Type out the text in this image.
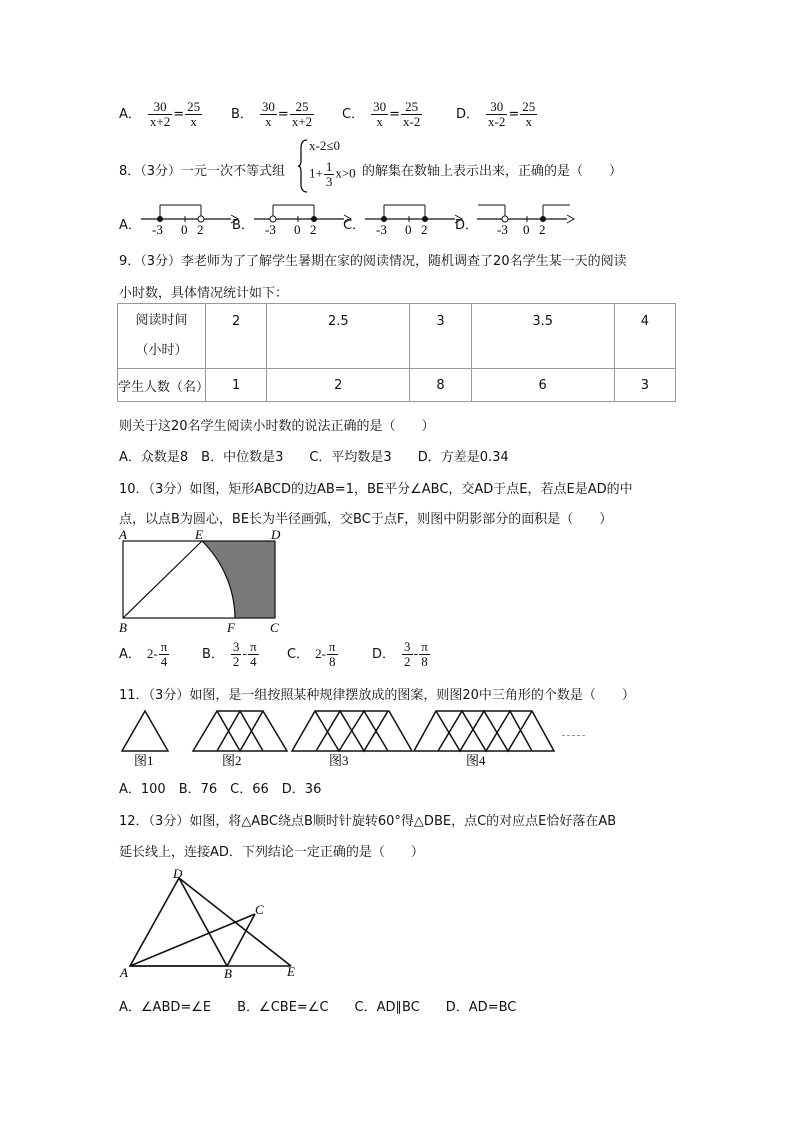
A． $\frac{30}{x+2} = \frac{25}{x}$ B． $\frac{30}{x} = \frac{25}{x+2}$ C． $\frac{30}{x} = \frac{25}{x-2}$	D． $\frac{30}{x-2} = \frac{25}{x}$
8．（3分）一元一次不等式组
x-2≤0
$1+ \frac{1}{3} x>0$ 的解集在数轴上表示出来，正确的是（　　）
A．	B．	C．	D．
-3 0 2	-3 0 2	-3 0 2	-3 0 2
9．（3分）李老师为了了解学生暑期在家的阅读情况，随机调查了20名学生某一天的阅读
小时数，具体情况统计如下：
阅读时间
（小时）	2	2.5	3	3.5	4
学生人数（名）	1	2	8	6	3
则关于这20名学生阅读小时数的说法正确的是（　　）
A．众数是8　B．中位数是3　　C．平均数是3　　D．方差是0.34
10．（3分）如图，矩形ABCD的边AB=1，BE平分∠ABC，交AD于点E，若点E是AD的中
点，以点B为圆心，BE长为半径画弧，交BC于点F，则图中阴影部分的面积是（　　）
A	E	D
B	F	C
A． $2- \frac{\pi}{4}$	B． $\frac{3}{2} - \frac{\pi}{4}$ C． $2- \frac{\pi}{8}$	D． $\frac{3}{2} - \frac{\pi}{8}$
11．（3分）如图，是一组按照某种规律摆放成的图案，则图20中三角形的个数是（　　）
图1	图2	图3	图4
A．100　B．76　C．66　D．36
12．（3分）如图，将△ABC绕点B顺时针旋转60°得△DBE，点C的对应点E恰好落在AB
延长线上，连接AD．下列结论一定正确的是（　　）
D
C
A	B	E
A．∠ABD=∠E　　B．∠CBE=∠C　　C．AD∥BC　　D．AD=BC
